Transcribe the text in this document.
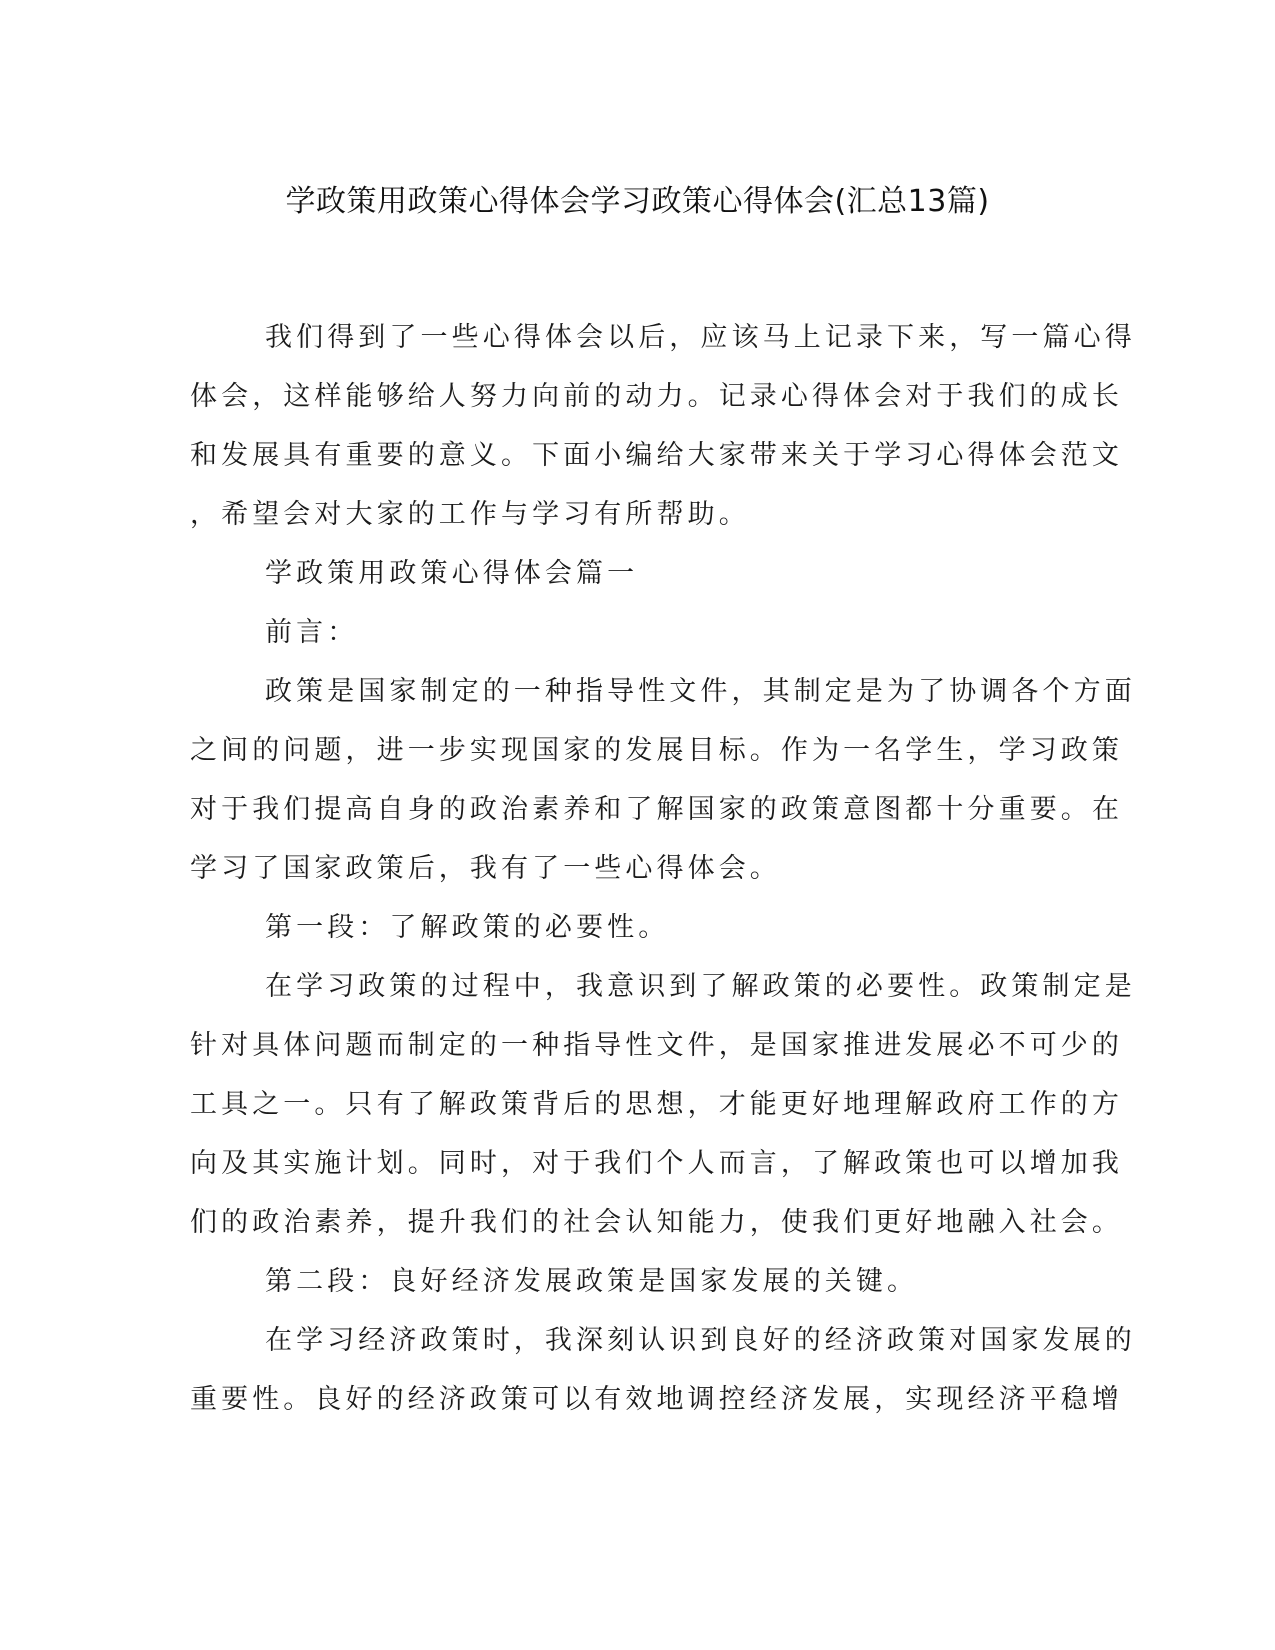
学政策用政策心得体会学习政策心得体会(汇总13篇)
我们得到了一些心得体会以后，应该马上记录下来，写一篇心得
体会，这样能够给人努力向前的动力。记录心得体会对于我们的成长
和发展具有重要的意义。下面小编给大家带来关于学习心得体会范文
，希望会对大家的工作与学习有所帮助。
学政策用政策心得体会篇一
前言：
政策是国家制定的一种指导性文件，其制定是为了协调各个方面
之间的问题，进一步实现国家的发展目标。作为一名学生，学习政策
对于我们提高自身的政治素养和了解国家的政策意图都十分重要。在
学习了国家政策后，我有了一些心得体会。
第一段：了解政策的必要性。
在学习政策的过程中，我意识到了解政策的必要性。政策制定是
针对具体问题而制定的一种指导性文件，是国家推进发展必不可少的
工具之一。只有了解政策背后的思想，才能更好地理解政府工作的方
向及其实施计划。同时，对于我们个人而言，了解政策也可以增加我
们的政治素养，提升我们的社会认知能力，使我们更好地融入社会。
第二段：良好经济发展政策是国家发展的关键。
在学习经济政策时，我深刻认识到良好的经济政策对国家发展的
重要性。良好的经济政策可以有效地调控经济发展，实现经济平稳增
